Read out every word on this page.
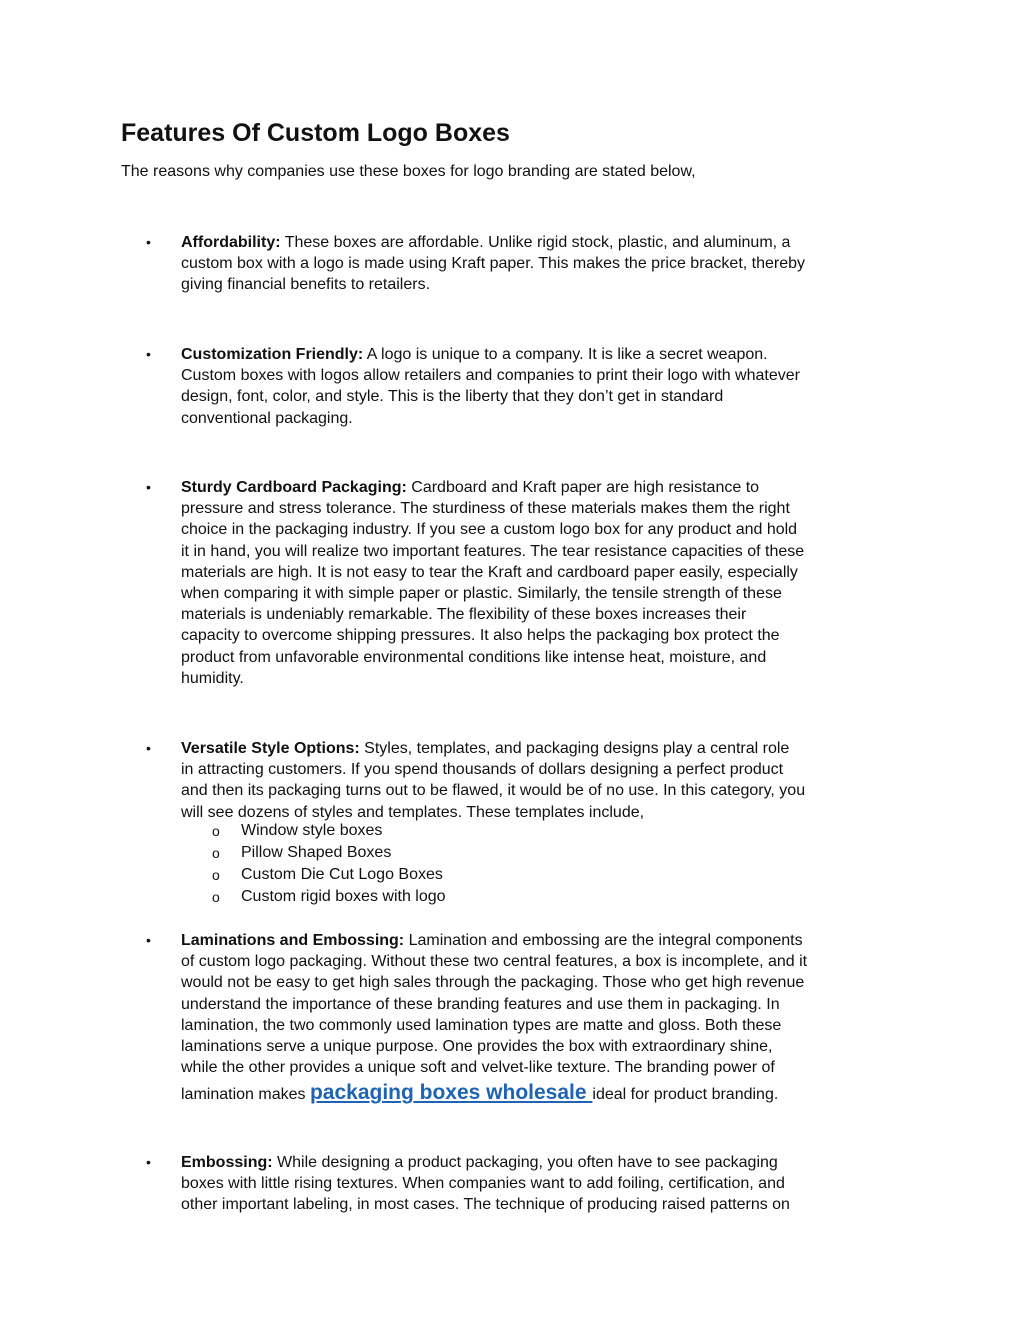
Features Of Custom Logo Boxes

The reasons why companies use these boxes for logo branding are stated below,

• Affordability: These boxes are affordable. Unlike rigid stock, plastic, and aluminum, a
custom box with a logo is made using Kraft paper. This makes the price bracket, thereby
giving financial benefits to retailers.
• Customization Friendly: A logo is unique to a company. It is like a secret weapon.
Custom boxes with logos allow retailers and companies to print their logo with whatever
design, font, color, and style. This is the liberty that they don’t get in standard
conventional packaging.
• Sturdy Cardboard Packaging: Cardboard and Kraft paper are high resistance to
pressure and stress tolerance. The sturdiness of these materials makes them the right
choice in the packaging industry. If you see a custom logo box for any product and hold
it in hand, you will realize two important features. The tear resistance capacities of these
materials are high. It is not easy to tear the Kraft and cardboard paper easily, especially
when comparing it with simple paper or plastic. Similarly, the tensile strength of these
materials is undeniably remarkable. The flexibility of these boxes increases their
capacity to overcome shipping pressures. It also helps the packaging box protect the
product from unfavorable environmental conditions like intense heat, moisture, and
humidity.
• Versatile Style Options: Styles, templates, and packaging designs play a central role
in attracting customers. If you spend thousands of dollars designing a perfect product
and then its packaging turns out to be flawed, it would be of no use. In this category, you
will see dozens of styles and templates. These templates include,
o Window style boxes
o Pillow Shaped Boxes
o Custom Die Cut Logo Boxes
o Custom rigid boxes with logo
• Laminations and Embossing: Lamination and embossing are the integral components
of custom logo packaging. Without these two central features, a box is incomplete, and it
would not be easy to get high sales through the packaging. Those who get high revenue
understand the importance of these branding features and use them in packaging. In
lamination, the two commonly used lamination types are matte and gloss. Both these
laminations serve a unique purpose. One provides the box with extraordinary shine,
while the other provides a unique soft and velvet-like texture. The branding power of
lamination makes packaging boxes wholesale ideal for product branding.
• Embossing: While designing a product packaging, you often have to see packaging
boxes with little rising textures. When companies want to add foiling, certification, and
other important labeling, in most cases. The technique of producing raised patterns on
